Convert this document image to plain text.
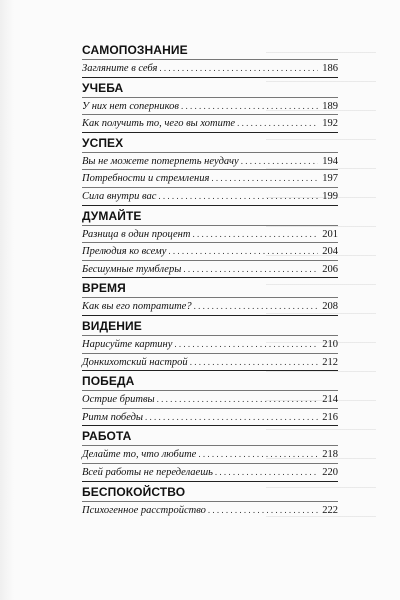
САМОПОЗНАНИЕ
Загляните в себя . . .	186
УЧЕБА
У них нет соперников . . .	189
Как получить то, чего вы хотите . . .	192
УСПЕХ
Вы не можете потерпеть неудачу . . .	194
Потребности и стремления . . .	197
Сила внутри вас . . .	199
ДУМАЙТЕ
Разница в один процент . . .	201
Прелюдия ко всему . . .	204
Бесшумные тумблеры . . .	206
ВРЕМЯ
Как вы его потратите? . . .	208
ВИДЕНИЕ
Нарисуйте картину . . .	210
Донкихотский настрой . . .	212
ПОБЕДА
Острие бритвы . . .	214
Ритм победы . . .	216
РАБОТА
Делайте то, что любите . . .	218
Всей работы не переделаешь . . .	220
БЕСПОКОЙСТВО
Психогенное расстройство . . .	222
